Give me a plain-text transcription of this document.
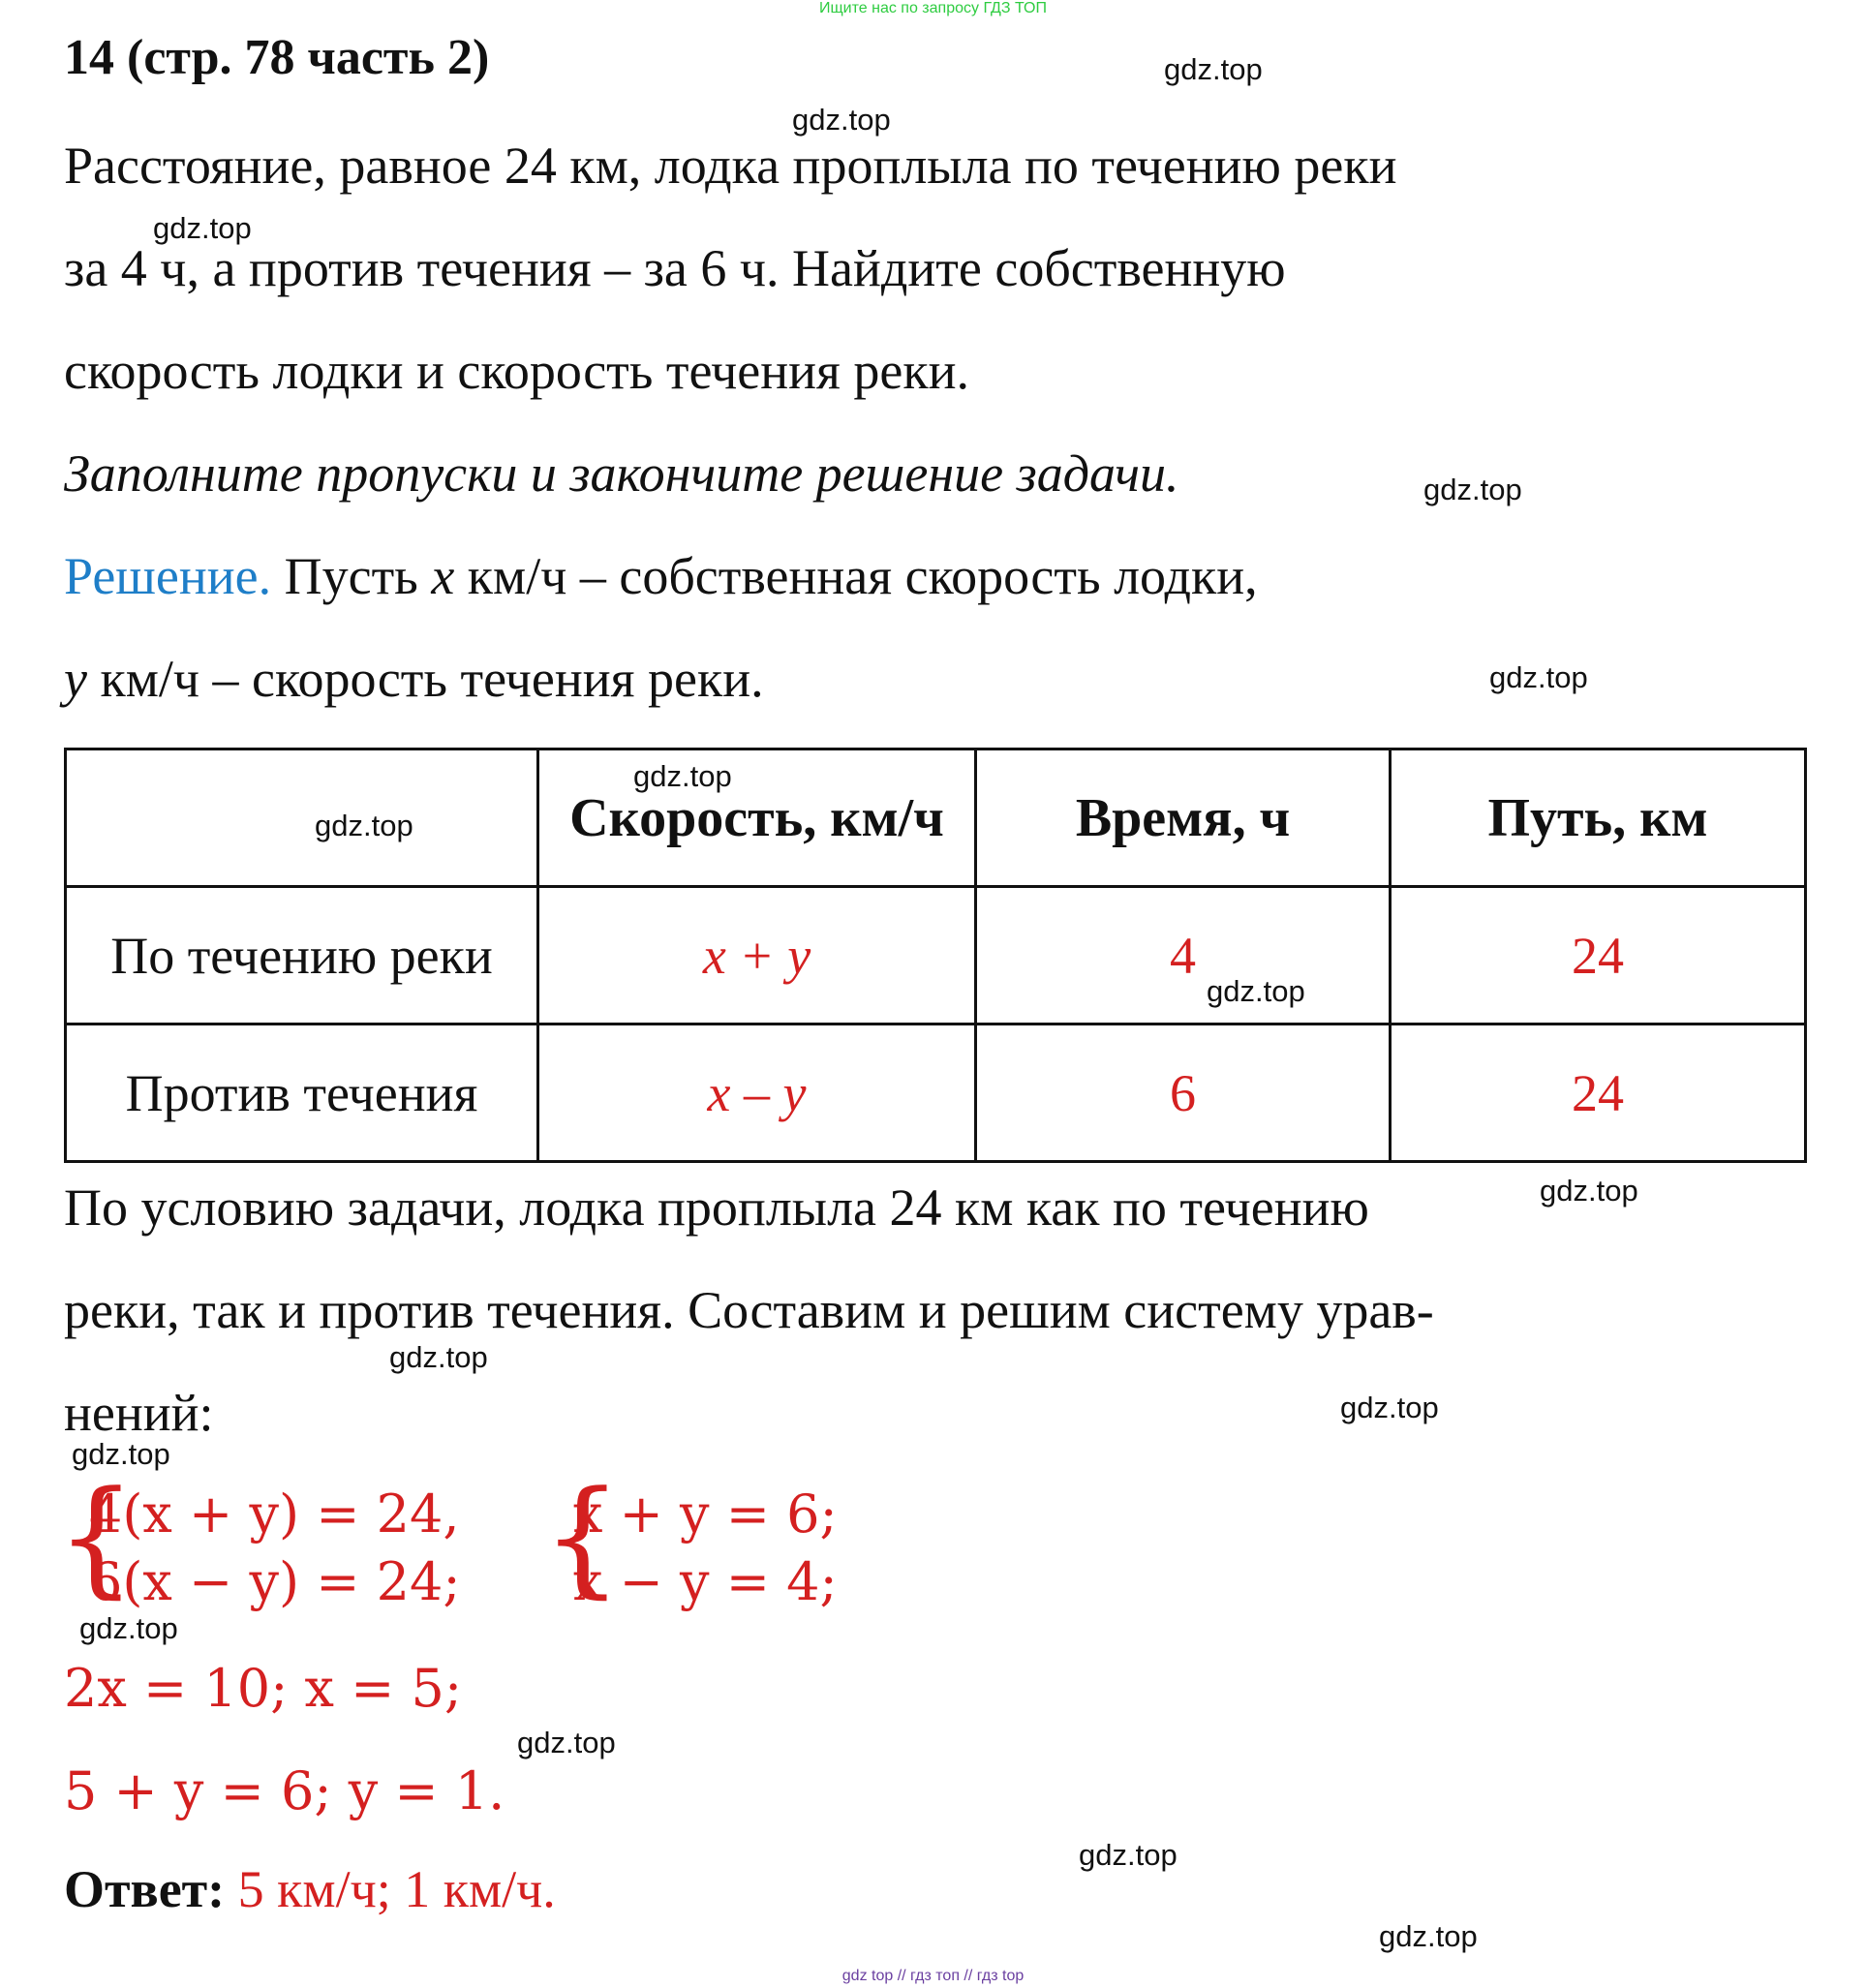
Ищите нас по запросу ГДЗ ТОП
14 (стр. 78 часть 2)
Расстояние, равное 24 км, лодка проплыла по течению реки
за 4 ч, а против течения – за 6 ч. Найдите собственную
скорость лодки и скорость течения реки.
Заполните пропуски и закончите решение задачи.
Решение. Пусть x км/ч – собственная скорость лодки,
y км/ч – скорость течения реки.
	Скорость, км/ч	Время, ч	Путь, км
По течению реки	x + y	4	24
Против течения	x – y	6	24
По условию задачи, лодка проплыла 24 км как по течению
реки, так и против течения. Составим и решим систему урав-
нений:
{
4(x + y) = 24,
6(x − y) = 24; {
x + y = 6;
x − y = 4;
2x = 10; x = 5;
5 + y = 6; y = 1.
Ответ: 5 км/ч; 1 км/ч.
gdz.top
gdz.top
gdz.top
gdz.top
gdz.top
gdz.top
gdz.top
gdz.top
gdz.top
gdz.top
gdz.top
gdz.top
gdz.top
gdz.top
gdz.top
gdz.top
gdz top // гдз топ // гдз top
